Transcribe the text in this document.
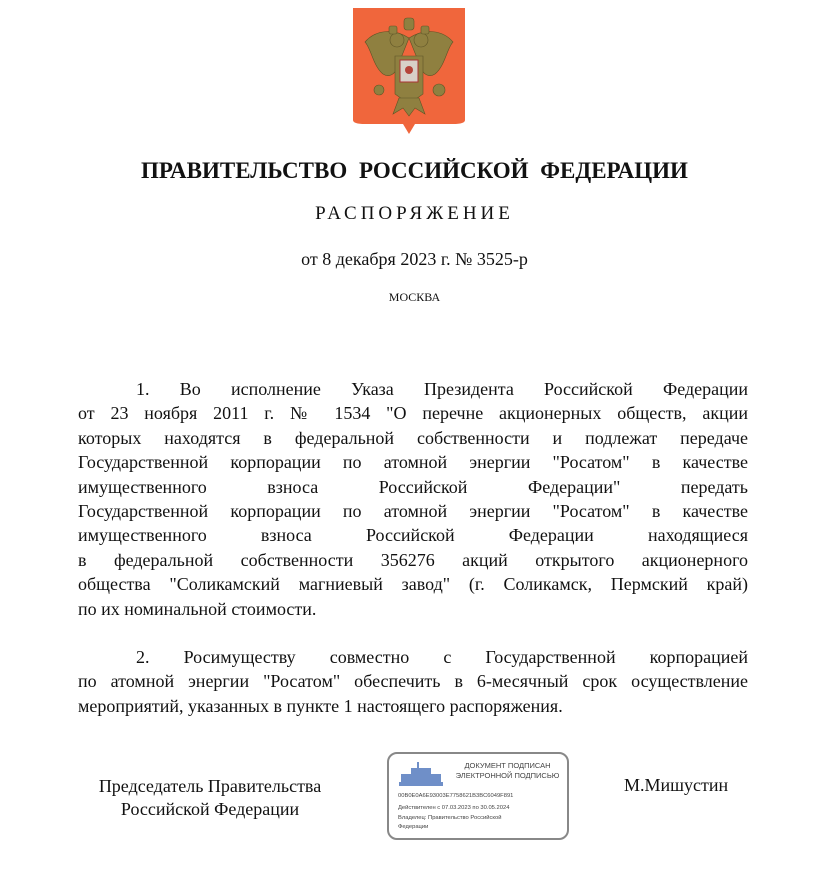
ПРАВИТЕЛЬСТВО РОССИЙСКОЙ ФЕДЕРАЦИИ
РАСПОРЯЖЕНИЕ
от 8 декабря 2023 г. № 3525-р
МОСКВА
1. Во исполнение Указа Президента Российской Федерации
от 23 ноября 2011 г. № 1534 "О перечне акционерных обществ, акции
которых находятся в федеральной собственности и подлежат передаче
Государственной корпорации по атомной энергии "Росатом" в качестве
имущественного взноса Российской Федерации" передать
Государственной корпорации по атомной энергии "Росатом" в качестве
имущественного взноса Российской Федерации находящиеся
в федеральной собственности 356276 акций открытого акционерного
общества "Соликамский магниевый завод" (г. Соликамск, Пермский край)
по их номинальной стоимости.
2. Росимуществу совместно с Государственной корпорацией
по атомной энергии "Росатом" обеспечить в 6-месячный срок осуществление
мероприятий, указанных в пункте 1 настоящего распоряжения.
Председатель Правительства
Российской Федерации
ДОКУМЕНТ ПОДПИСАН
ЭЛЕКТРОННОЙ ПОДПИСЬЮ
00B0E0A6E93003E7758621B3BC6049F891
Действителен с 07.03.2023 по 30.05.2024
Владелец: Правительство Российской
Федерации
М.Мишустин
